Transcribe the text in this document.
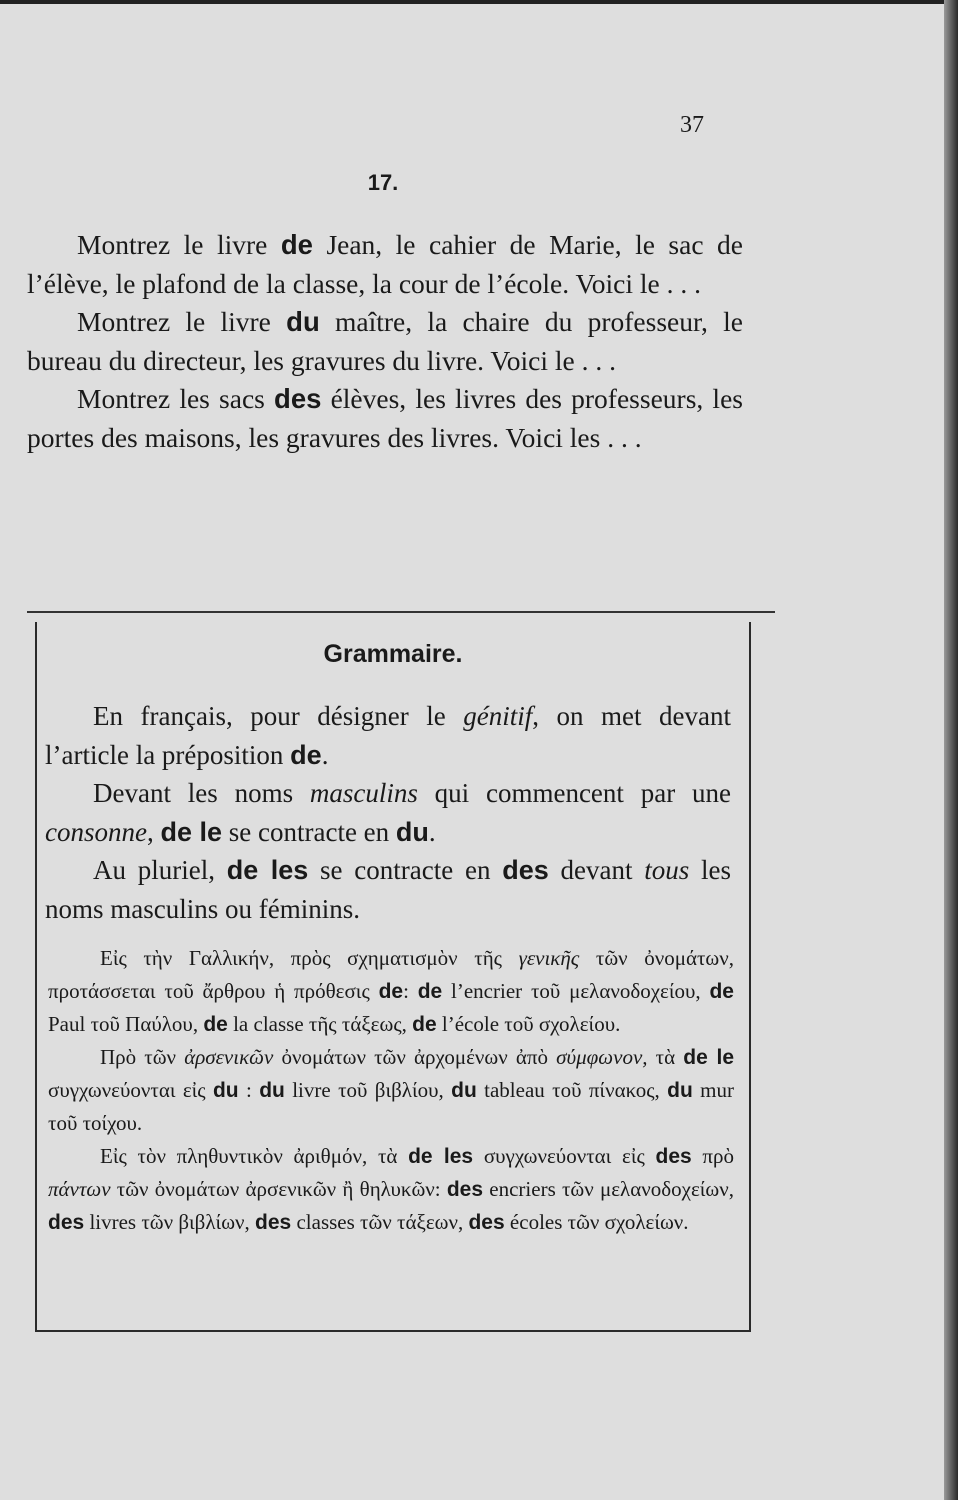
37
17.

Montrez le livre de Jean, le cahier de Marie, le sac de l’élève, le plafond de la classe, la cour de l’école. Voici le . . .

Montrez le livre du maître, la chaire du professeur, le bureau du directeur, les gravures du livre. Voici le . . .

Montrez les sacs des élèves, les livres des professeurs, les portes des maisons, les gravures des livres. Voici les . . .

Grammaire.

En français, pour désigner le génitif, on met devant l’article la préposition de.

Devant les noms masculins qui commencent par une consonne, de le se contracte en du.

Au pluriel, de les se contracte en des devant tous les noms masculins ou féminins.

Εἰς τὴν Γαλλικήν, πρὸς σχηματισμὸν τῆς γενικῆς τῶν ὀνομάτων, προτάσσεται τοῦ ἄρθρου ἡ πρόθεσις de: de l’encrier τοῦ μελανοδοχείου, de Paul τοῦ Παύλου, de la classe τῆς τάξεως, de l’école τοῦ σχολείου.

Πρὸ τῶν ἀρσενικῶν ὀνομάτων τῶν ἀρχομένων ἀπὸ σύμφωνον, τὰ de le συγχωνεύονται εἰς du : du livre τοῦ βιβλίου, du tableau τοῦ πίνακος, du mur τοῦ τοίχου.

Εἰς τὸν πληθυντικὸν ἀριθμόν, τὰ de les συγχωνεύονται εἰς des πρὸ πάντων τῶν ὀνομάτων ἀρσενικῶν ἢ θηλυκῶν: des encriers τῶν μελανοδοχείων, des livres τῶν βιβλίων, des classes τῶν τάξεων, des écoles τῶν σχολείων.
